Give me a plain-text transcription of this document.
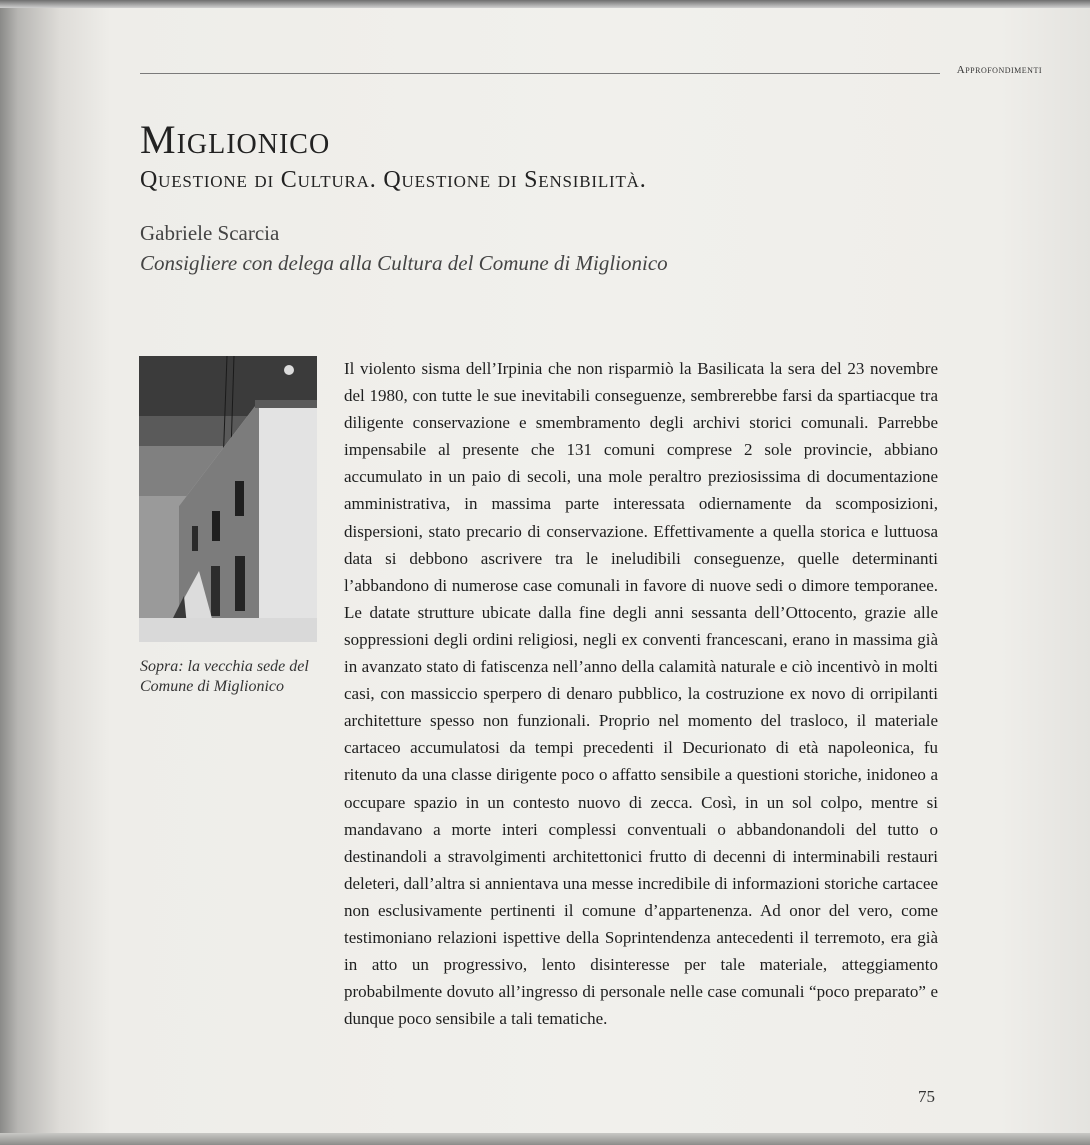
Approfondimenti
Miglionico
Questione di Cultura. Questione di Sensibilità.
Gabriele Scarcia
Consigliere con delega alla Cultura del Comune di Miglionico
Sopra: la vecchia sede del Comune di Miglionico
Il violento sisma dell’Irpinia che non risparmiò la Basilicata la sera del 23 novembre del 1980, con tutte le sue inevitabili conseguenze, sembrerebbe farsi da spartiacque tra diligente conservazione e smembramento degli archivi storici comunali. Parrebbe impensabile al presente che 131 comuni comprese 2 sole provincie, abbiano accumulato in un paio di secoli, una mole peraltro preziosissima di documentazione amministrativa, in massima parte interessata odiernamente da scomposizioni, dispersioni, stato precario di conservazione. Effettivamente a quella storica e luttuosa data si debbono ascrivere tra le ineludibili conseguenze, quelle determinanti l’abbandono di numerose case comunali in favore di nuove sedi o dimore temporanee. Le datate strutture ubicate dalla fine degli anni sessanta dell’Ottocento, grazie alle soppressioni degli ordini religiosi, negli ex conventi francescani, erano in massima già in avanzato stato di fatiscenza nell’anno della calamità naturale e ciò incentivò in molti casi, con massiccio sperpero di denaro pubblico, la costruzione ex novo di orripilanti architetture spesso non funzionali. Proprio nel momento del trasloco, il materiale cartaceo accumulatosi da tempi precedenti il Decurionato di età napoleonica, fu ritenuto da una classe dirigente poco o affatto sensibile a questioni storiche, inidoneo a occupare spazio in un contesto nuovo di zecca. Così, in un sol colpo, mentre si mandavano a morte interi complessi conventuali o abbandonandoli del tutto o destinandoli a stravolgimenti architettonici frutto di decenni di interminabili restauri deleteri, dall’altra si annientava una messe incredibile di informazioni storiche cartacee non esclusivamente pertinenti il comune d’appartenenza. Ad onor del vero, come testimoniano relazioni ispettive della Soprintendenza antecedenti il terremoto, era già in atto un progressivo, lento disinteresse per tale materiale, atteggiamento probabilmente dovuto all’ingresso di personale nelle case comunali “poco preparato” e dunque poco sensibile a tali tematiche.
75
